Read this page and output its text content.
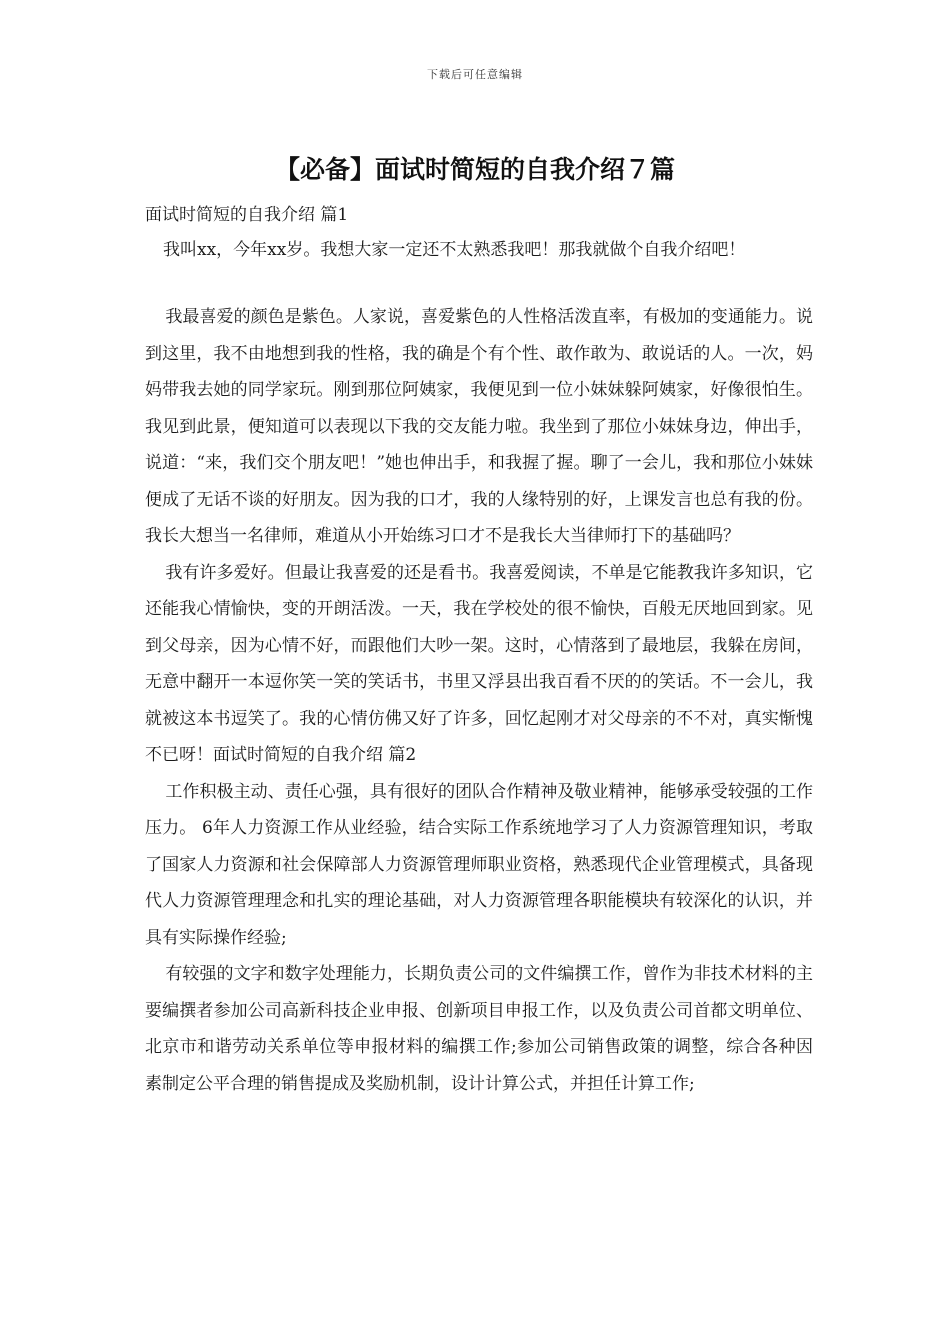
下载后可任意编辑
【必备】面试时简短的自我介绍７篇
面试时简短的自我介绍 篇1
我叫xx，今年xx岁。我想大家一定还不太熟悉我吧！那我就做个自我介绍吧！

我最喜爱的颜色是紫色。人家说，喜爱紫色的人性格活泼直率，有极加的变通能力。说到这里，我不由地想到我的性格，我的确是个有个性、敢作敢为、敢说话的人。一次，妈妈带我去她的同学家玩。刚到那位阿姨家，我便见到一位小妹妹躲阿姨家，好像很怕生。我见到此景，便知道可以表现以下我的交友能力啦。我坐到了那位小妹妹身边，伸出手，说道：“来，我们交个朋友吧！”她也伸出手，和我握了握。聊了一会儿，我和那位小妹妹便成了无话不谈的好朋友。因为我的口才，我的人缘特别的好，上课发言也总有我的份。我长大想当一名律师，难道从小开始练习口才不是我长大当律师打下的基础吗？

我有许多爱好。但最让我喜爱的还是看书。我喜爱阅读，不单是它能教我许多知识，它还能我心情愉快，变的开朗活泼。一天，我在学校处的很不愉快，百般无厌地回到家。见到父母亲，因为心情不好，而跟他们大吵一架。这时，心情落到了最地层，我躲在房间，无意中翻开一本逗你笑一笑的笑话书，书里又浮县出我百看不厌的的笑话。不一会儿，我就被这本书逗笑了。我的心情仿佛又好了许多，回忆起刚才对父母亲的不不对，真实惭愧不已呀！面试时简短的自我介绍 篇2

工作积极主动、责任心强，具有很好的团队合作精神及敬业精神，能够承受较强的工作压力。 6年人力资源工作从业经验，结合实际工作系统地学习了人力资源管理知识，考取了国家人力资源和社会保障部人力资源管理师职业资格，熟悉现代企业管理模式，具备现代人力资源管理理念和扎实的理论基础，对人力资源管理各职能模块有较深化的认识，并具有实际操作经验;

有较强的文字和数字处理能力，长期负责公司的文件编撰工作，曾作为非技术材料的主要编撰者参加公司高新科技企业申报、创新项目申报工作，以及负责公司首都文明单位、北京市和谐劳动关系单位等申报材料的编撰工作;参加公司销售政策的调整，综合各种因素制定公平合理的销售提成及奖励机制，设计计算公式，并担任计算工作;
